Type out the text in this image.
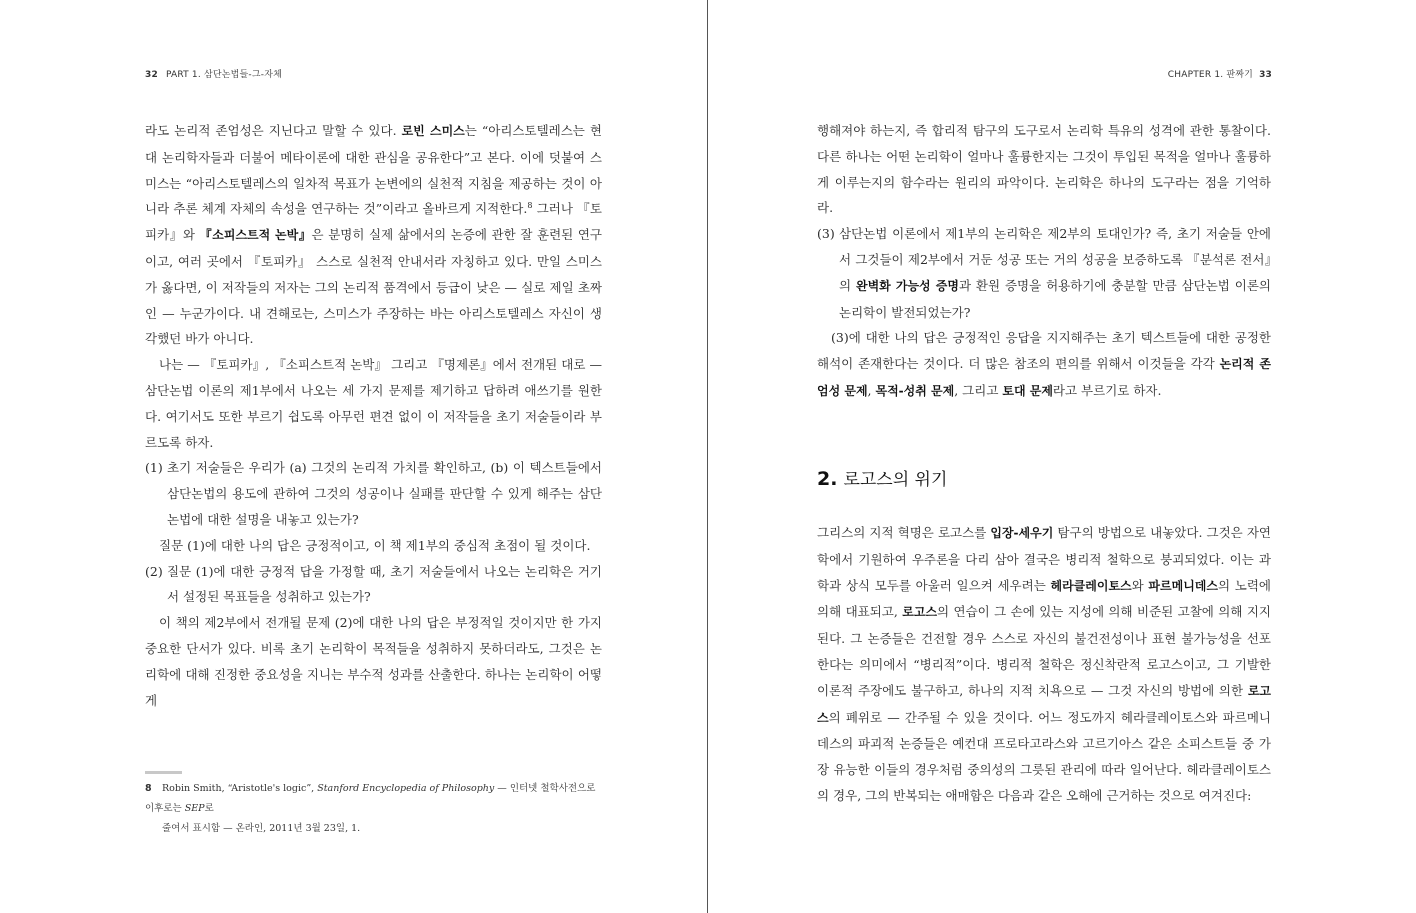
32 PART 1. 삼단논법들-그-자체

라도 논리적 존엄성은 지닌다고 말할 수 있다. 로빈 스미스는 “아리스토텔레스는 현대 논리학자들과 더불어 메타이론에 대한 관심을 공유한다”고 본다. 이에 덧붙여 스미스는 “아리스토텔레스의 일차적 목표가 논변에의 실천적 지침을 제공하는 것이 아니라 추론 체계 자체의 속성을 연구하는 것”이라고 올바르게 지적한다.$^8$ 그러나 『토피카』와 『소피스트적 논박』은 분명히 실제 삶에서의 논증에 관한 잘 훈련된 연구이고, 여러 곳에서 『토피카』 스스로 실천적 안내서라 자칭하고 있다. 만일 스미스가 옳다면, 이 저작들의 저자는 그의 논리적 품격에서 등급이 낮은 — 실로 제일 초짜인 — 누군가이다. 내 견해로는, 스미스가 주장하는 바는 아리스토텔레스 자신이 생각했던 바가 아니다.

나는 — 『토피카』, 『소피스트적 논박』 그리고 『명제론』에서 전개된 대로 — 삼단논법 이론의 제1부에서 나오는 세 가지 문제를 제기하고 답하려 애쓰기를 원한다. 여기서도 또한 부르기 쉽도록 아무런 편견 없이 이 저작들을 초기 저술들이라 부르도록 하자.

(1) 초기 저술들은 우리가 (a) 그것의 논리적 가치를 확인하고, (b) 이 텍스트들에서 삼단논법의 용도에 관하여 그것의 성공이나 실패를 판단할 수 있게 해주는 삼단논법에 대한 설명을 내놓고 있는가?

질문 (1)에 대한 나의 답은 긍정적이고, 이 책 제1부의 중심적 초점이 될 것이다.

(2) 질문 (1)에 대한 긍정적 답을 가정할 때, 초기 저술들에서 나오는 논리학은 거기서 설정된 목표들을 성취하고 있는가?

이 책의 제2부에서 전개될 문제 (2)에 대한 나의 답은 부정적일 것이지만 한 가지 중요한 단서가 있다. 비록 초기 논리학이 목적들을 성취하지 못하더라도, 그것은 논리학에 대해 진정한 중요성을 지니는 부수적 성과를 산출한다. 하나는 논리학이 어떻게

8 Robin Smith, “Aristotle's logic”, Stanford Encyclopedia of Philosophy — 인터넷 철학사전으로 이후로는 SEP로
줄여서 표시함 — 온라인, 2011년 3월 23일, 1.
CHAPTER 1. 판짜기 33

행해져야 하는지, 즉 합리적 탐구의 도구로서 논리학 특유의 성격에 관한 통찰이다. 다른 하나는 어떤 논리학이 얼마나 훌륭한지는 그것이 투입된 목적을 얼마나 훌륭하게 이루는지의 함수라는 원리의 파악이다. 논리학은 하나의 도구라는 점을 기억하라.

(3) 삼단논법 이론에서 제1부의 논리학은 제2부의 토대인가? 즉, 초기 저술들 안에서 그것들이 제2부에서 거둔 성공 또는 거의 성공을 보증하도록 『분석론 전서』의 완벽화 가능성 증명과 환원 증명을 허용하기에 충분할 만큼 삼단논법 이론의 논리학이 발전되었는가?

(3)에 대한 나의 답은 긍정적인 응답을 지지해주는 초기 텍스트들에 대한 공정한 해석이 존재한다는 것이다. 더 많은 참조의 편의를 위해서 이것들을 각각 논리적 존엄성 문제, 목적-성취 문제, 그리고 토대 문제라고 부르기로 하자.

2. 로고스의 위기

그리스의 지적 혁명은 로고스를 입장-세우기 탐구의 방법으로 내놓았다. 그것은 자연학에서 기원하여 우주론을 다리 삼아 결국은 병리적 철학으로 붕괴되었다. 이는 과학과 상식 모두를 아울러 일으켜 세우려는 헤라클레이토스와 파르메니데스의 노력에 의해 대표되고, 로고스의 연습이 그 손에 있는 지성에 의해 비준된 고찰에 의해 지지된다. 그 논증들은 건전할 경우 스스로 자신의 불건전성이나 표현 불가능성을 선포한다는 의미에서 “병리적”이다. 병리적 철학은 정신착란적 로고스이고, 그 기발한 이론적 주장에도 불구하고, 하나의 지적 치욕으로 — 그것 자신의 방법에 의한 로고스의 폐위로 — 간주될 수 있을 것이다. 어느 정도까지 헤라클레이토스와 파르메니데스의 파괴적 논증들은 예컨대 프로타고라스와 고르기아스 같은 소피스트들 중 가장 유능한 이들의 경우처럼 중의성의 그릇된 관리에 따라 일어난다. 헤라클레이토스의 경우, 그의 반복되는 애매함은 다음과 같은 오해에 근거하는 것으로 여겨진다:
